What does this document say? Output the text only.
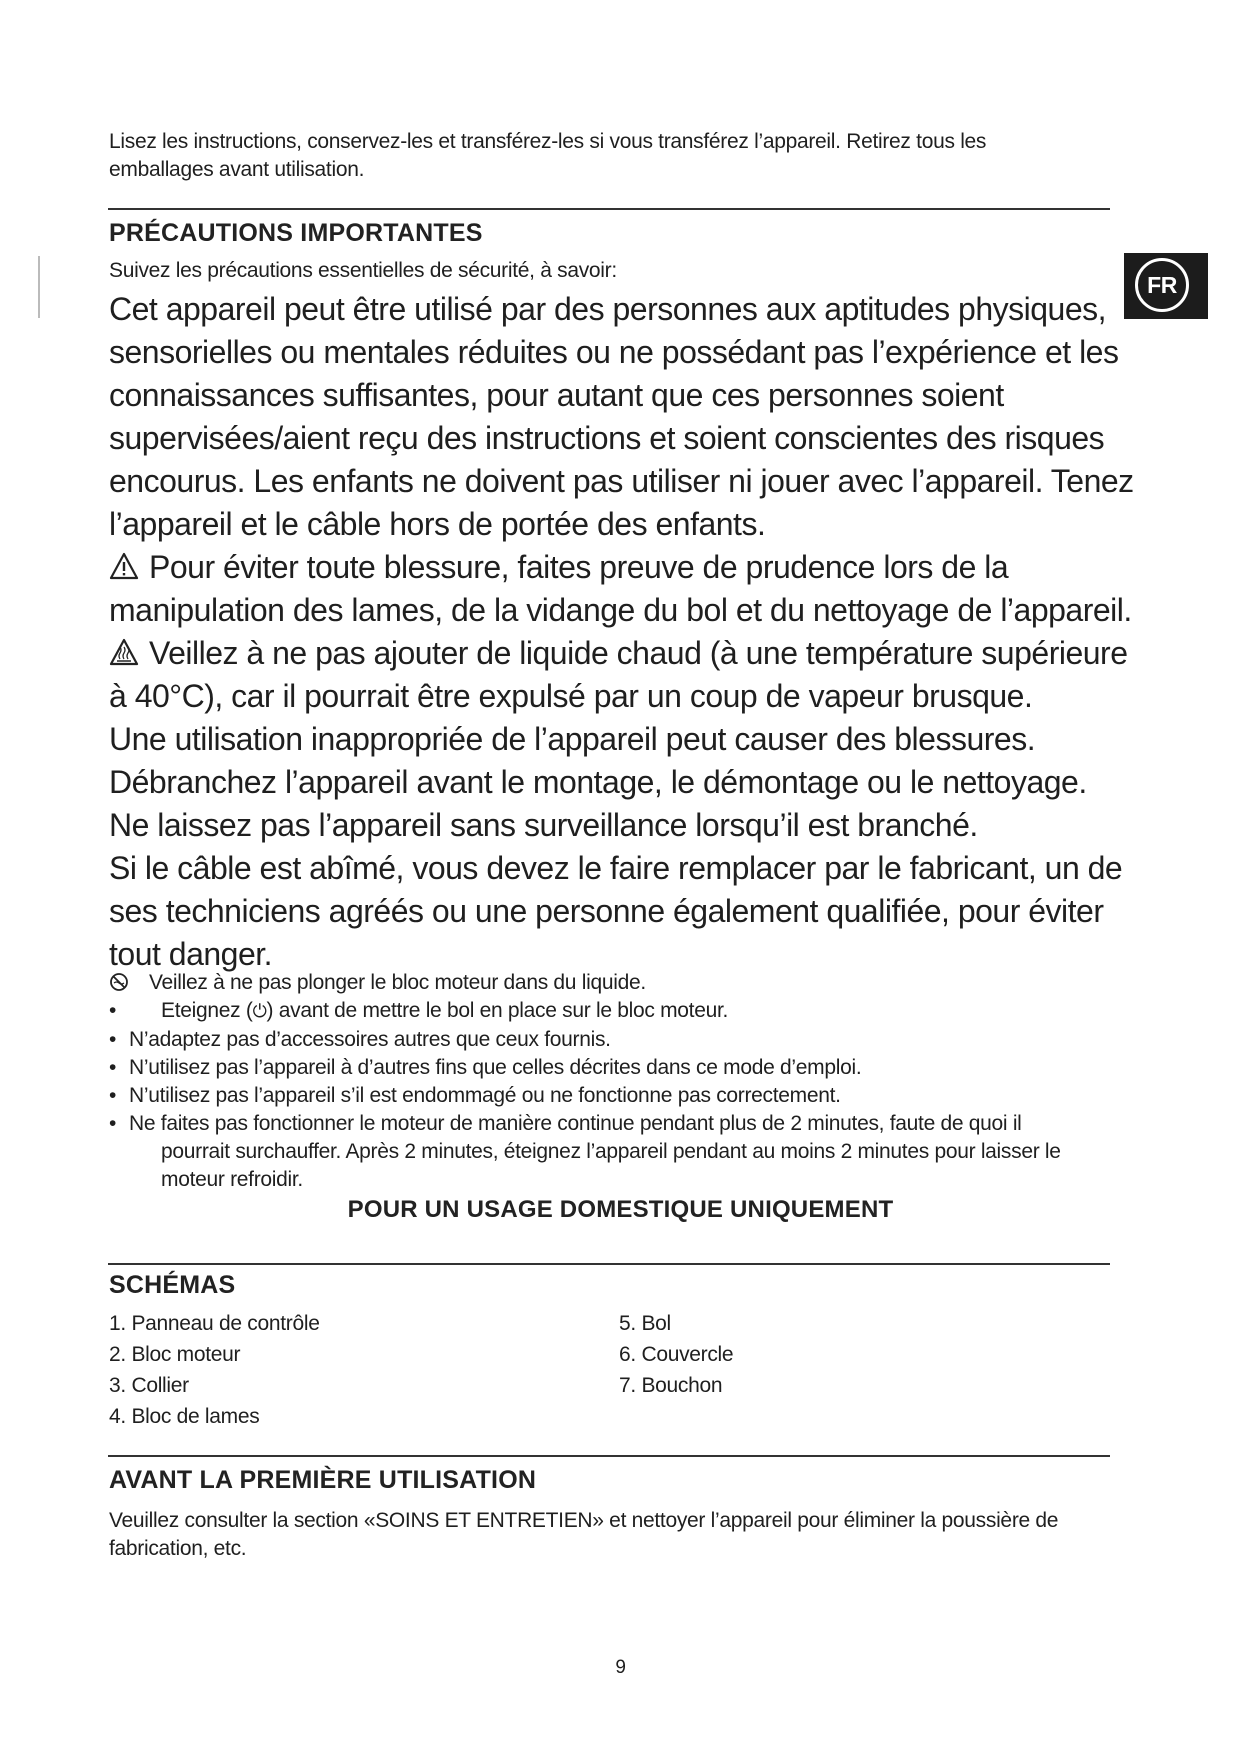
Lisez les instructions, conservez-les et transférez-les si vous transférez l’appareil. Retirez tous les
emballages avant utilisation.
PRÉCAUTIONS IMPORTANTES
Suivez les précautions essentielles de sécurité, à savoir:
FR
Cet appareil peut être utilisé par des personnes aux aptitudes physiques,
sensorielles ou mentales réduites ou ne possédant pas l’expérience et les
connaissances suffisantes, pour autant que ces personnes soient
supervisées/aient reçu des instructions et soient conscientes des risques
encourus. Les enfants ne doivent pas utiliser ni jouer avec l’appareil. Tenez
l’appareil et le câble hors de portée des enfants.
Pour éviter toute blessure, faites preuve de prudence lors de la
manipulation des lames, de la vidange du bol et du nettoyage de l’appareil.
Veillez à ne pas ajouter de liquide chaud (à une température supérieure
à 40°C), car il pourrait être expulsé par un coup de vapeur brusque.
Une utilisation inappropriée de l’appareil peut causer des blessures.
Débranchez l’appareil avant le montage, le démontage ou le nettoyage.
Ne laissez pas l’appareil sans surveillance lorsqu’il est branché.
Si le câble est abîmé, vous devez le faire remplacer par le fabricant, un de
ses techniciens agréés ou une personne également qualifiée, pour éviter
tout danger.
Veillez à ne pas plonger le bloc moteur dans du liquide.
• Eteignez (⏻) avant de mettre le bol en place sur le bloc moteur.
• N’adaptez pas d’accessoires autres que ceux fournis.
• N’utilisez pas l’appareil à d’autres fins que celles décrites dans ce mode d’emploi.
• N’utilisez pas l’appareil s’il est endommagé ou ne fonctionne pas correctement.
• Ne faites pas fonctionner le moteur de manière continue pendant plus de 2 minutes, faute de quoi il
pourrait surchauffer. Après 2 minutes, éteignez l’appareil pendant au moins 2 minutes pour laisser le
moteur refroidir.
POUR UN USAGE DOMESTIQUE UNIQUEMENT
SCHÉMAS
1. Panneau de contrôle
2. Bloc moteur
3. Collier
4. Bloc de lames
5. Bol
6. Couvercle
7. Bouchon
AVANT LA PREMIÈRE UTILISATION
Veuillez consulter la section «SOINS ET ENTRETIEN» et nettoyer l’appareil pour éliminer la poussière de
fabrication, etc.
9
